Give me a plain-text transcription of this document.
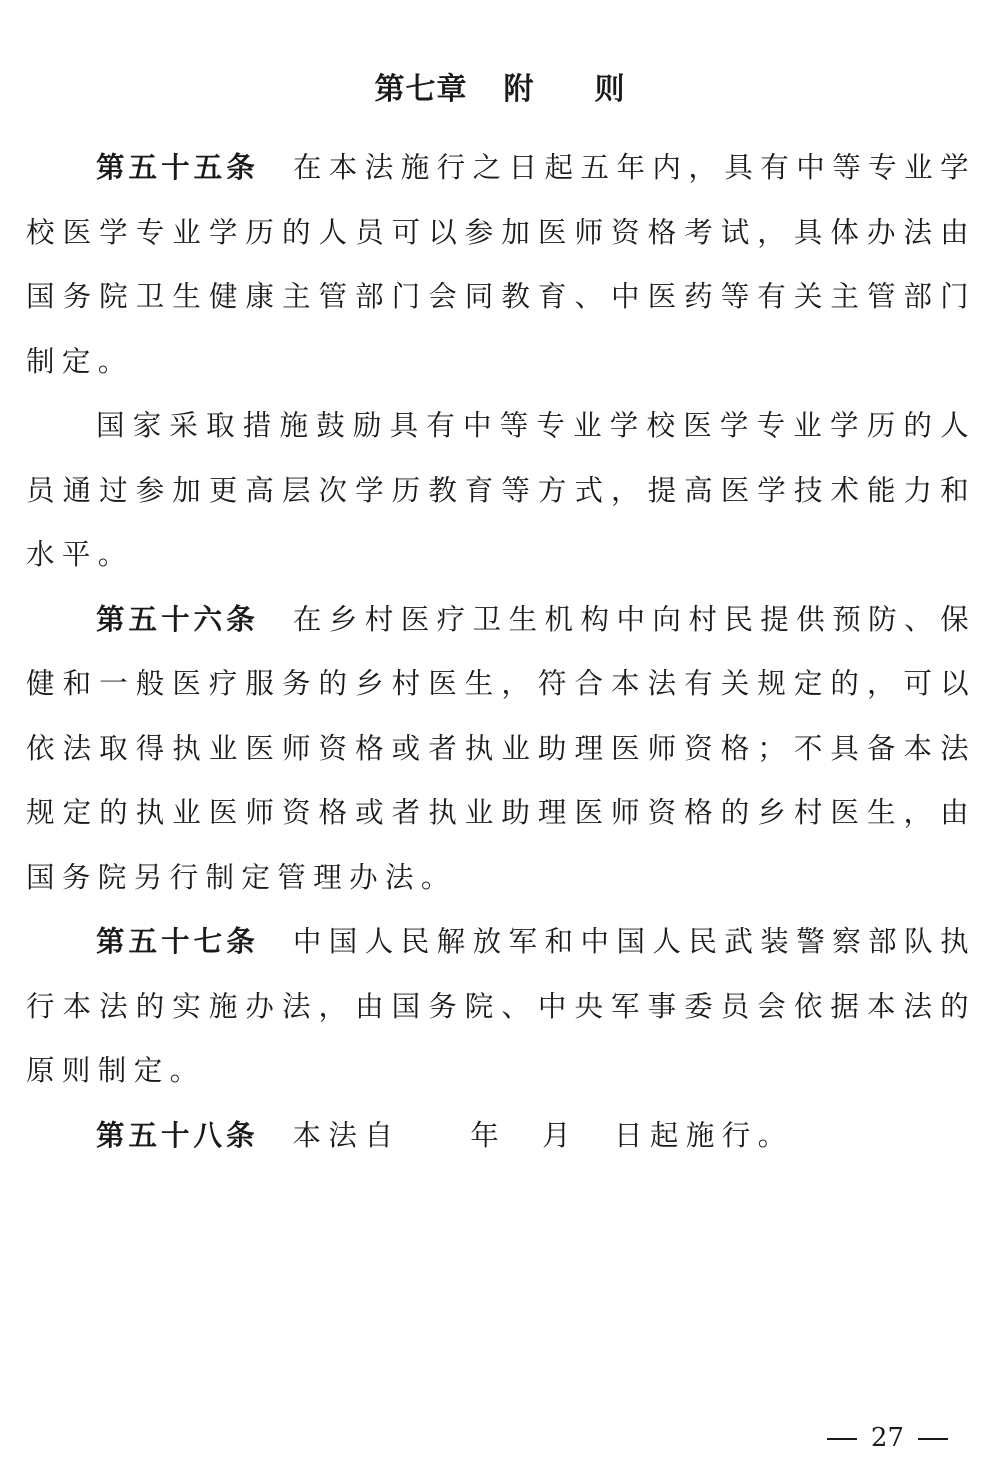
第七章 附 则

第五十五条 在本法施行之日起五年内，具有中等专业学校医学专业学历的人员可以参加医师资格考试，具体办法由国务院卫生健康主管部门会同教育、中医药等有关主管部门制定。

国家采取措施鼓励具有中等专业学校医学专业学历的人员通过参加更高层次学历教育等方式，提高医学技术能力和水平。

第五十六条 在乡村医疗卫生机构中向村民提供预防、保健和一般医疗服务的乡村医生，符合本法有关规定的，可以依法取得执业医师资格或者执业助理医师资格；不具备本法规定的执业医师资格或者执业助理医师资格的乡村医生，由国务院另行制定管理办法。

第五十七条 中国人民解放军和中国人民武装警察部队执行本法的实施办法，由国务院、中央军事委员会依据本法的原则制定。

第五十八条 本法自 年 月 日起施行。

27
